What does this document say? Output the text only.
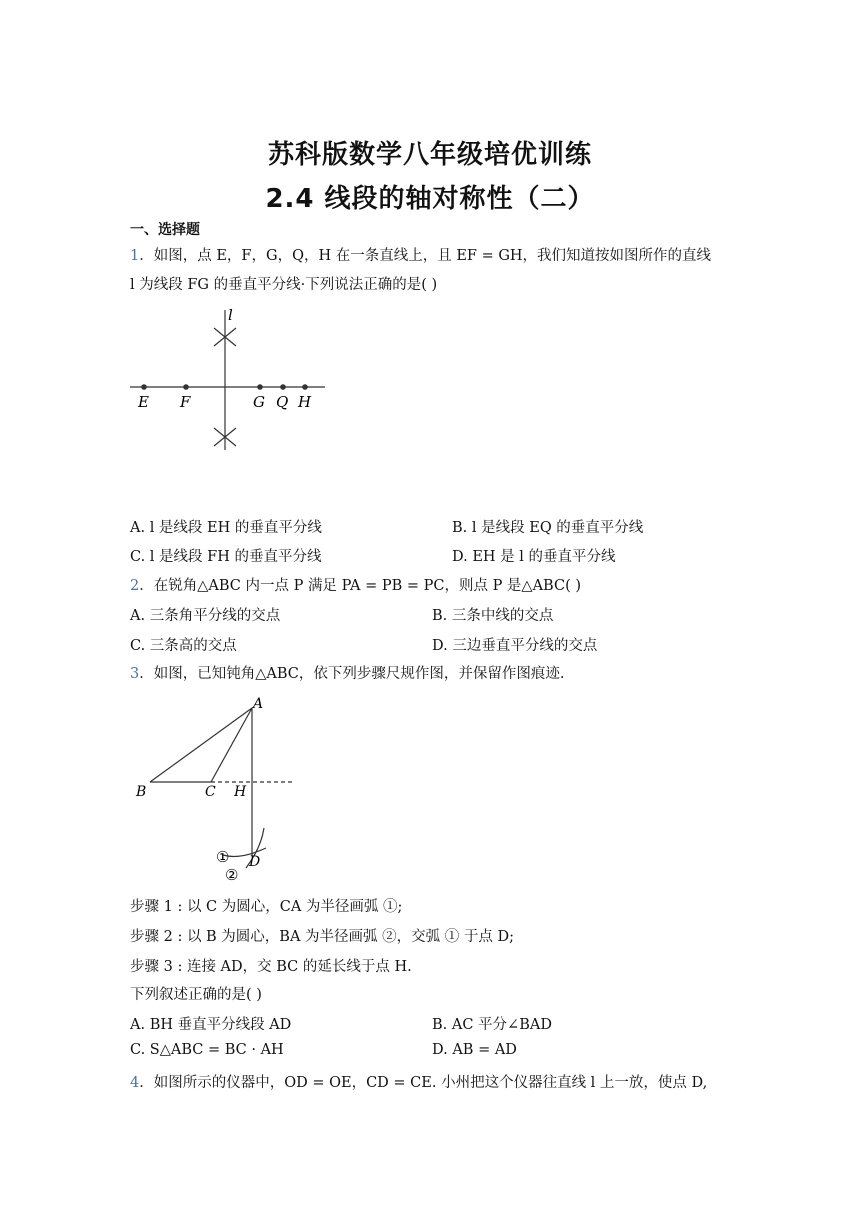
苏科版数学八年级培优训练
2.4 线段的轴对称性（二）
一、选择题
1．如图，点 E，F，G，Q，H 在一条直线上，且 EF = GH，我们知道按如图所作的直线
l 为线段 FG 的垂直平分线·下列说法正确的是( )
l
E F	G Q H
A. l 是线段 EH 的垂直平分线	B. l 是线段 EQ 的垂直平分线
C. l 是线段 FH 的垂直平分线	D. EH 是 l 的垂直平分线
2．在锐角△ABC 内一点 P 满足 PA = PB = PC，则点 P 是△ABC( )
A. 三条角平分线的交点	B. 三条中线的交点
C. 三条高的交点	D. 三边垂直平分线的交点
3．如图，已知钝角△ABC，依下列步骤尺规作图，并保留作图痕迹.
A
B	C H
D
①
②
步骤 1 : 以 C 为圆心，CA 为半径画弧 ①;
步骤 2 : 以 B 为圆心，BA 为半径画弧 ②，交弧 ① 于点 D;
步骤 3 : 连接 AD，交 BC 的延长线于点 H.
下列叙述正确的是( )
A. BH 垂直平分线段 AD	B. AC 平分∠BAD
C. S△ABC = BC · AH	D. AB = AD
4．如图所示的仪器中，OD = OE，CD = CE. 小州把这个仪器往直线 l 上一放，使点 D,
